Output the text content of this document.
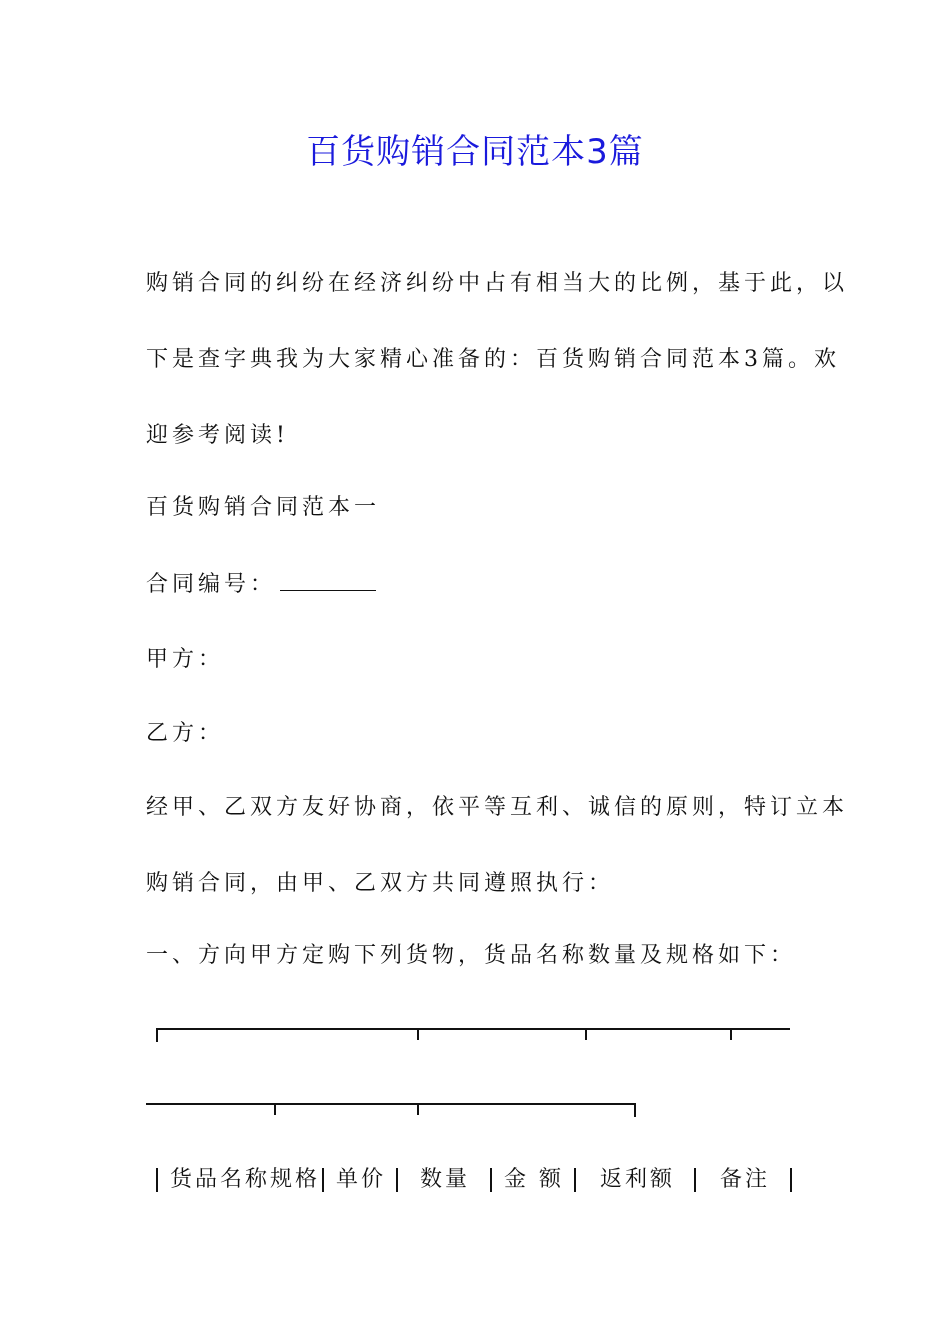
百货购销合同范本3篇

购销合同的纠纷在经济纠纷中占有相当大的比例，基于此，以

下是查字典我为大家精心准备的：百货购销合同范本3篇。欢

迎参考阅读!

百货购销合同范本一

合同编号：

甲方：

乙方：

经甲、乙双方友好协商，依平等互利、诚信的原则，特订立本

购销合同，由甲、乙双方共同遵照执行：

一、方向甲方定购下列货物，货品名称数量及规格如下：

货品名称规格 单价 数量 金 额 返利额 备注
